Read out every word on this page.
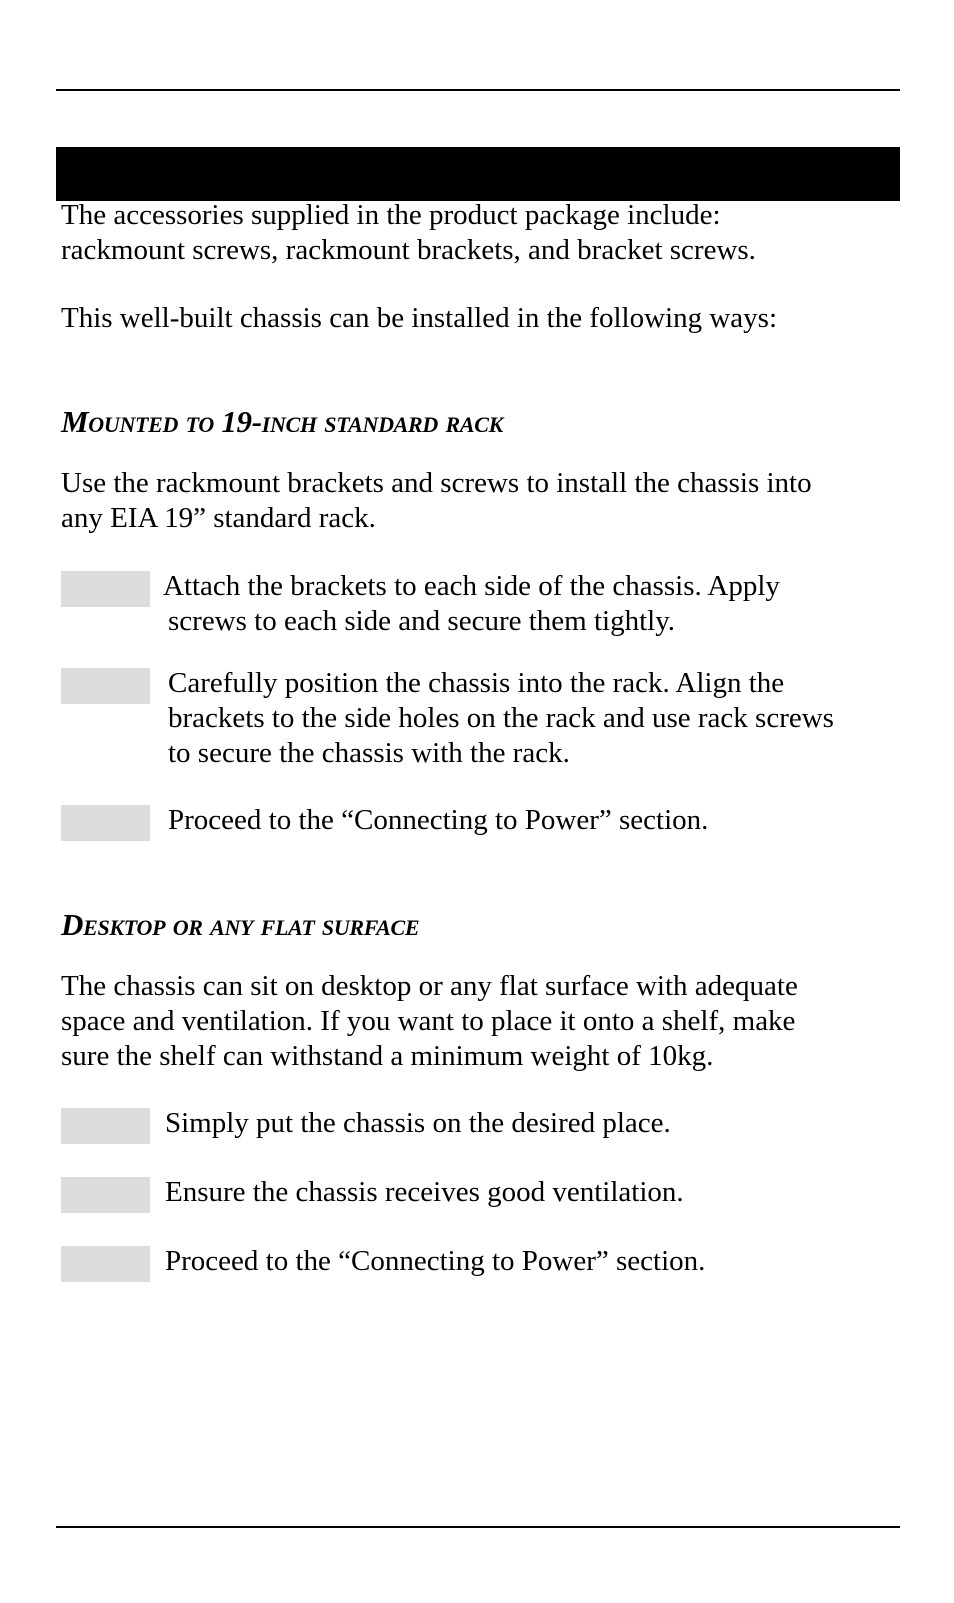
The accessories supplied in the product package include:
rackmount screws, rackmount brackets, and bracket screws.

This well-built chassis can be installed in the following ways:

Mounted to 19-inch standard rack

Use the rackmount brackets and screws to install the chassis into
any EIA 19” standard rack.

Attach the brackets to each side of the chassis. Apply

screws to each side and secure them tightly.

Carefully position the chassis into the rack. Align the
brackets to the side holes on the rack and use rack screws
to secure the chassis with the rack.

Proceed to the “Connecting to Power” section.

Desktop or any flat surface

The chassis can sit on desktop or any flat surface with adequate
space and ventilation. If you want to place it onto a shelf, make
sure the shelf can withstand a minimum weight of 10kg.

Simply put the chassis on the desired place.

Ensure the chassis receives good ventilation.

Proceed to the “Connecting to Power” section.
